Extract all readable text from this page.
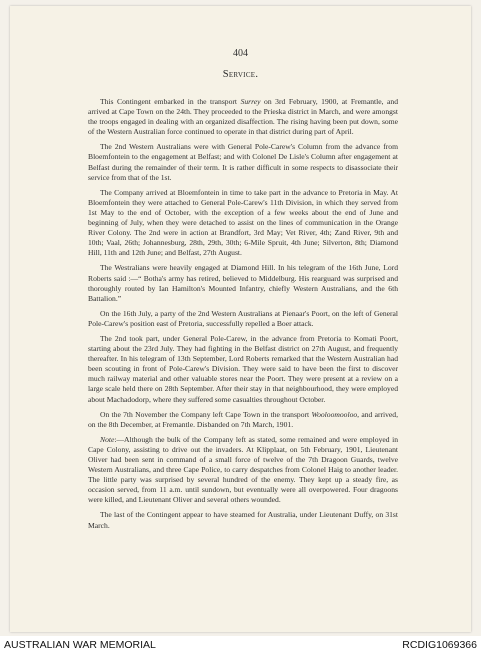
404
Service.

This Contingent embarked in the transport Surrey on 3rd February, 1900, at Fremantle, and arrived at Cape Town on the 24th. They proceeded to the Prieska district in March, and were amongst the troops engaged in dealing with an organized disaffection. The rising having been put down, some of the Western Australian force continued to operate in that district during part of April.

The 2nd Western Australians were with General Pole-Carew's Column from the advance from Bloemfontein to the engagement at Belfast; and with Colonel De Lisle's Column after engagement at Belfast during the remainder of their term. It is rather difficult in some respects to disassociate their service from that of the 1st.

The Company arrived at Bloemfontein in time to take part in the advance to Pretoria in May. At Bloemfontein they were attached to General Pole-Carew's 11th Division, in which they served from 1st May to the end of October, with the exception of a few weeks about the end of June and beginning of July, when they were detached to assist on the lines of communication in the Orange River Colony. The 2nd were in action at Brandfort, 3rd May; Vet River, 4th; Zand River, 9th and 10th; Vaal, 26th; Johannesburg, 28th, 29th, 30th; 6-Mile Spruit, 4th June; Silverton, 8th; Diamond Hill, 11th and 12th June; and Belfast, 27th August.

The Westralians were heavily engaged at Diamond Hill. In his telegram of the 16th June, Lord Roberts said :—“ Botha's army has retired, believed to Middelburg. His rearguard was surprised and thoroughly routed by Ian Hamilton's Mounted Infantry, chiefly Western Australians, and the 6th Battalion.”

On the 16th July, a party of the 2nd Western Australians at Pienaar's Poort, on the left of General Pole-Carew's position east of Pretoria, successfully repelled a Boer attack.

The 2nd took part, under General Pole-Carew, in the advance from Pretoria to Komati Poort, starting about the 23rd July. They had fighting in the Belfast district on 27th August, and frequently thereafter. In his telegram of 13th September, Lord Roberts remarked that the Western Australian had been scouting in front of Pole-Carew's Division. They were said to have been the first to discover much railway material and other valuable stores near the Poort. They were present at a review on a large scale held there on 28th September. After their stay in that neighbourhood, they were employed about Machadodorp, where they suffered some casualties throughout October.

On the 7th November the Company left Cape Town in the transport Wooloomooloo, and arrived, on the 8th December, at Fremantle. Disbanded on 7th March, 1901.

Note:—Although the bulk of the Company left as stated, some remained and were employed in Cape Colony, assisting to drive out the invaders. At Klipplaat, on 5th February, 1901, Lieutenant Oliver had been sent in command of a small force of twelve of the 7th Dragoon Guards, twelve Western Australians, and three Cape Police, to carry despatches from Colonel Haig to another leader. The little party was surprised by several hundred of the enemy. They kept up a steady fire, as occasion served, from 11 a.m. until sundown, but eventually were all overpowered. Four dragoons were killed, and Lieutenant Oliver and several others wounded.

The last of the Contingent appear to have steamed for Australia, under Lieutenant Duffy, on 31st March.

AUSTRALIAN WAR MEMORIAL	RCDIG1069366
